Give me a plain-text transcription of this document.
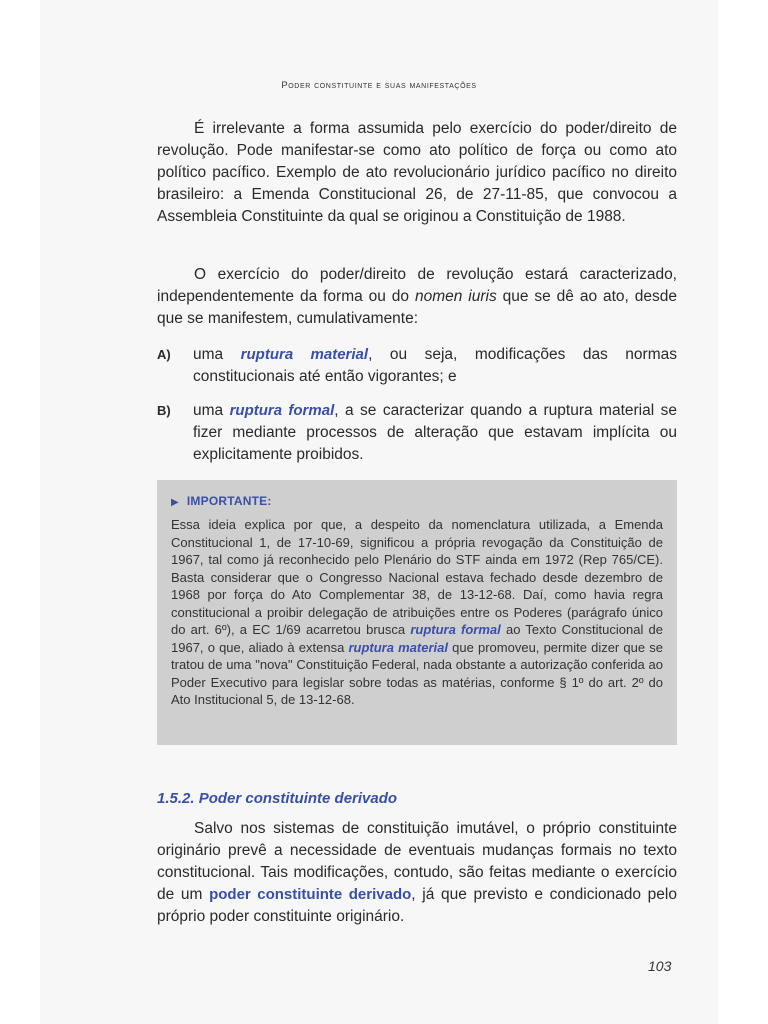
Poder constituinte e suas manifestações

É irrelevante a forma assumida pelo exercício do poder/direito de revolução. Pode manifestar-se como ato político de força ou como ato político pacífico. Exemplo de ato revolucionário jurídico pacífico no direito brasileiro: a Emenda Constitucional 26, de 27-11-85, que convocou a Assembleia Constituinte da qual se originou a Constituição de 1988.

O exercício do poder/direito de revolução estará caracterizado, independentemente da forma ou do nomen iuris que se dê ao ato, desde que se manifestem, cumulativamente:

A) uma ruptura material, ou seja, modificações das normas constitucionais até então vigorantes; e
B) uma ruptura formal, a se caracterizar quando a ruptura material se fizer mediante processos de alteração que estavam implícita ou explicitamente proibidos.
▶ IMPORTANTE:
Essa ideia explica por que, a despeito da nomenclatura utilizada, a Emenda Constitucional 1, de 17-10-69, significou a própria revogação da Constituição de 1967, tal como já reconhecido pelo Plenário do STF ainda em 1972 (Rep 765/CE). Basta considerar que o Congresso Nacional estava fechado desde dezembro de 1968 por força do Ato Complementar 38, de 13-12-68. Daí, como havia regra constitucional a proibir delegação de atribuições entre os Poderes (parágrafo único do art. 6º), a EC 1/69 acarretou brusca ruptura formal ao Texto Constitucional de 1967, o que, aliado à extensa ruptura material que promoveu, permite dizer que se tratou de uma "nova" Constituição Federal, nada obstante a autorização conferida ao Poder Executivo para legislar sobre todas as matérias, conforme § 1º do art. 2º do Ato Institucional 5, de 13-12-68.
1.5.2. Poder constituinte derivado

Salvo nos sistemas de constituição imutável, o próprio constituinte originário prevê a necessidade de eventuais mudanças formais no texto constitucional. Tais modificações, contudo, são feitas mediante o exercício de um poder constituinte derivado, já que previsto e condicionado pelo próprio poder constituinte originário.

103
